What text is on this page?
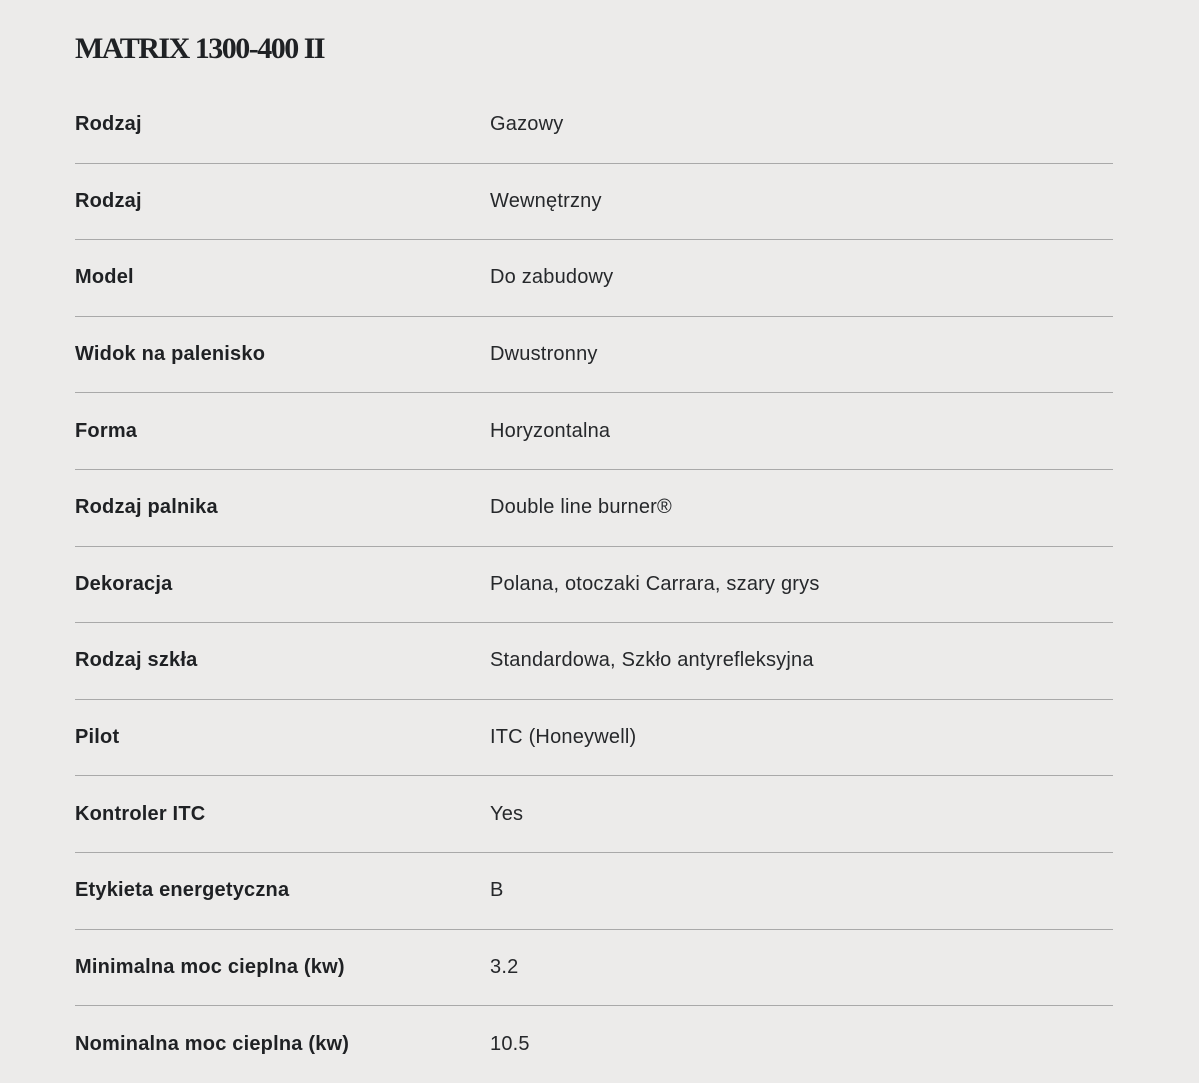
MATRIX 1300-400 II
Rodzaj	Gazowy
Rodzaj	Wewnętrzny
Model	Do zabudowy
Widok na palenisko	Dwustronny
Forma	Horyzontalna
Rodzaj palnika	Double line burner®
Dekoracja	Polana, otoczaki Carrara, szary grys
Rodzaj szkła	Standardowa, Szkło antyrefleksyjna
Pilot	ITC (Honeywell)
Kontroler ITC	Yes
Etykieta energetyczna	B
Minimalna moc cieplna (kw)	3.2
Nominalna moc cieplna (kw)	10.5
